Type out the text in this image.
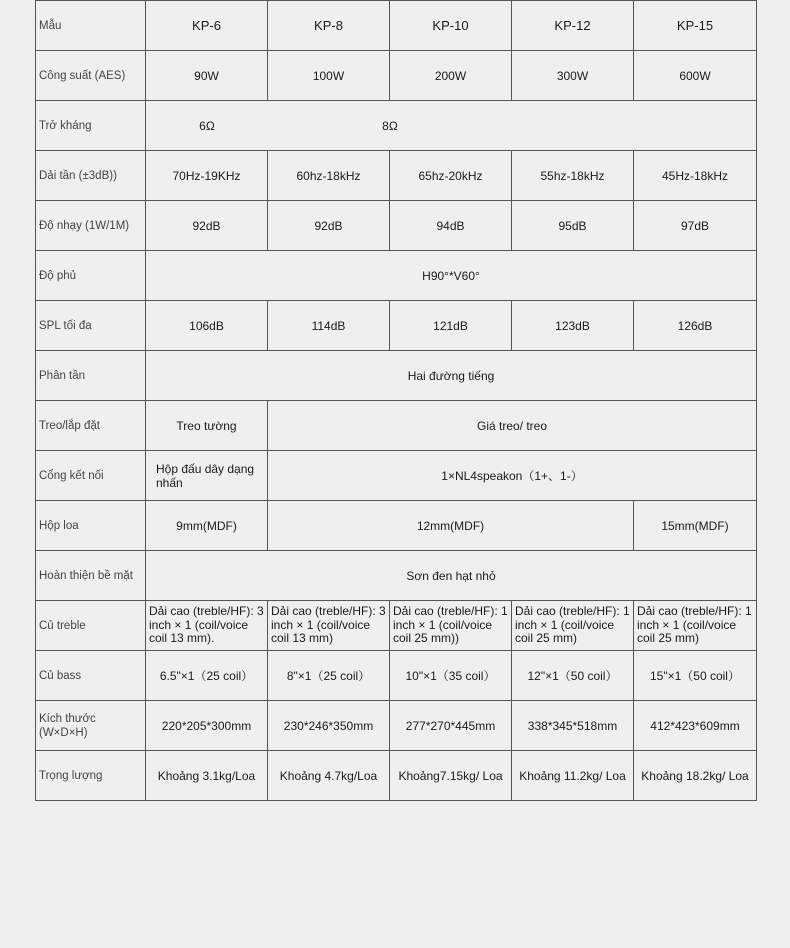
Mẫu	KP-6	KP-8	KP-10	KP-12	KP-15
Công suất (AES)	90W	100W	200W	300W	600W
Trở kháng	6Ω 8Ω				

Dải tần (±3dB))	70Hz-19KHz	60hz-18kHz	65hz-20kHz	55hz-18kHz	45Hz-18kHz
Độ nhạy (1W/1M)	92dB	92dB	94dB	95dB	97dB
Độ phủ	H90°*V60°				
SPL tối đa	106dB	114dB	121dB	123dB	126dB
Phân tần	Hai đường tiếng				
Treo/lắp đặt	Treo tường	Giá treo/ treo			
Cổng kết nối	Hộp đấu dây dạng nhấn	1×NL4speakon（1+、1-）			
Hộp loa	9mm(MDF)	12mm(MDF)			15mm(MDF)
Hoàn thiện bề mặt	Sơn đen hạt nhỏ				
Củ treble	Dải cao (treble/HF): 3 inch × 1 (coil/voice coil 13 mm).	Dải cao (treble/HF): 3 inch × 1 (coil/voice coil 13 mm)	Dải cao (treble/HF): 1 inch × 1 (coil/voice coil 25 mm))	Dải cao (treble/HF): 1 inch × 1 (coil/voice coil 25 mm)	Dải cao (treble/HF): 1 inch × 1 (coil/voice coil 25 mm)
Củ bass	6.5"×1（25 coil）	8"×1（25 coil）	10"×1（35 coil）	12"×1（50 coil）	15"×1（50 coil）
Kích thước (W×D×H)	220*205*300mm	230*246*350mm	277*270*445mm	338*345*518mm	412*423*609mm
Trọng lượng	Khoảng 3.1kg/Loa	Khoảng 4.7kg/Loa	Khoảng7.15kg/ Loa	Khoảng 11.2kg/ Loa	Khoảng 18.2kg/ Loa
